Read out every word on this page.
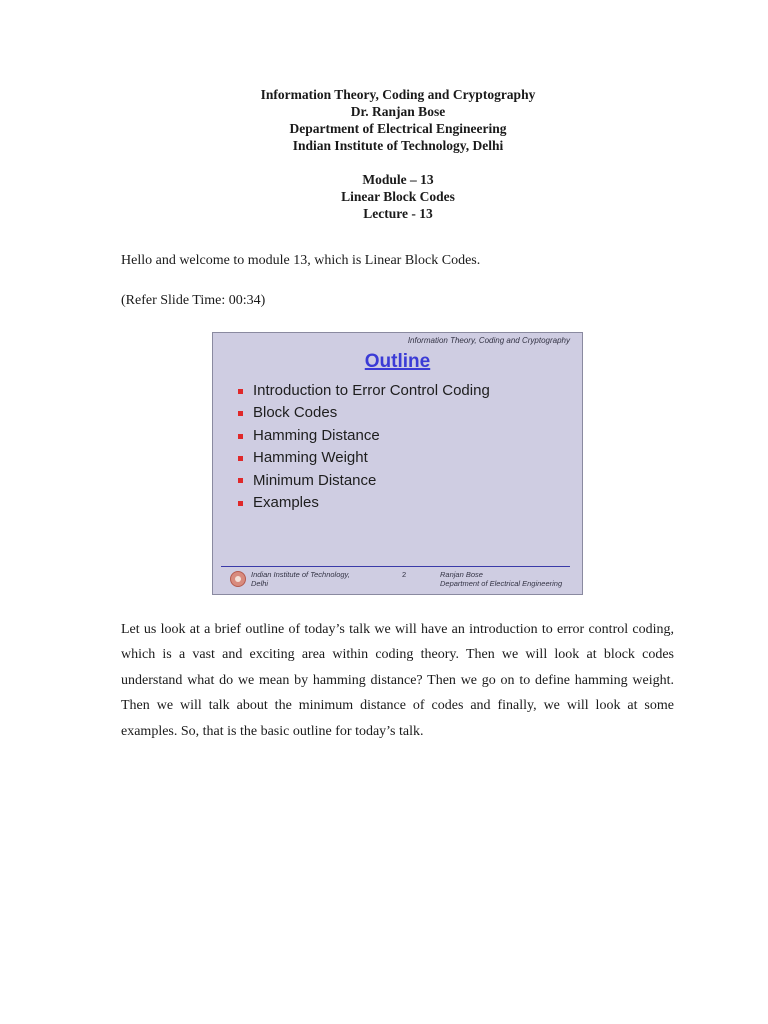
Information Theory, Coding and Cryptography
Dr. Ranjan Bose
Department of Electrical Engineering
Indian Institute of Technology, Delhi
Module – 13
Linear Block Codes
Lecture - 13

Hello and welcome to module 13, which is Linear Block Codes.

(Refer Slide Time: 00:34)

Information Theory, Coding and Cryptography
Outline
Introduction to Error Control Coding
Block Codes
Hamming Distance
Hamming Weight
Minimum Distance
Examples
Indian Institute of Technology,
Delhi
2	Ranjan Bose
Department of Electrical Engineering

Let us look at a brief outline of today’s talk we will have an introduction to error control coding, which is a vast and exciting area within coding theory. Then we will look at block codes understand what do we mean by hamming distance? Then we go on to define hamming weight. Then we will talk about the minimum distance of codes and finally, we will look at some examples. So, that is the basic outline for today’s talk.
